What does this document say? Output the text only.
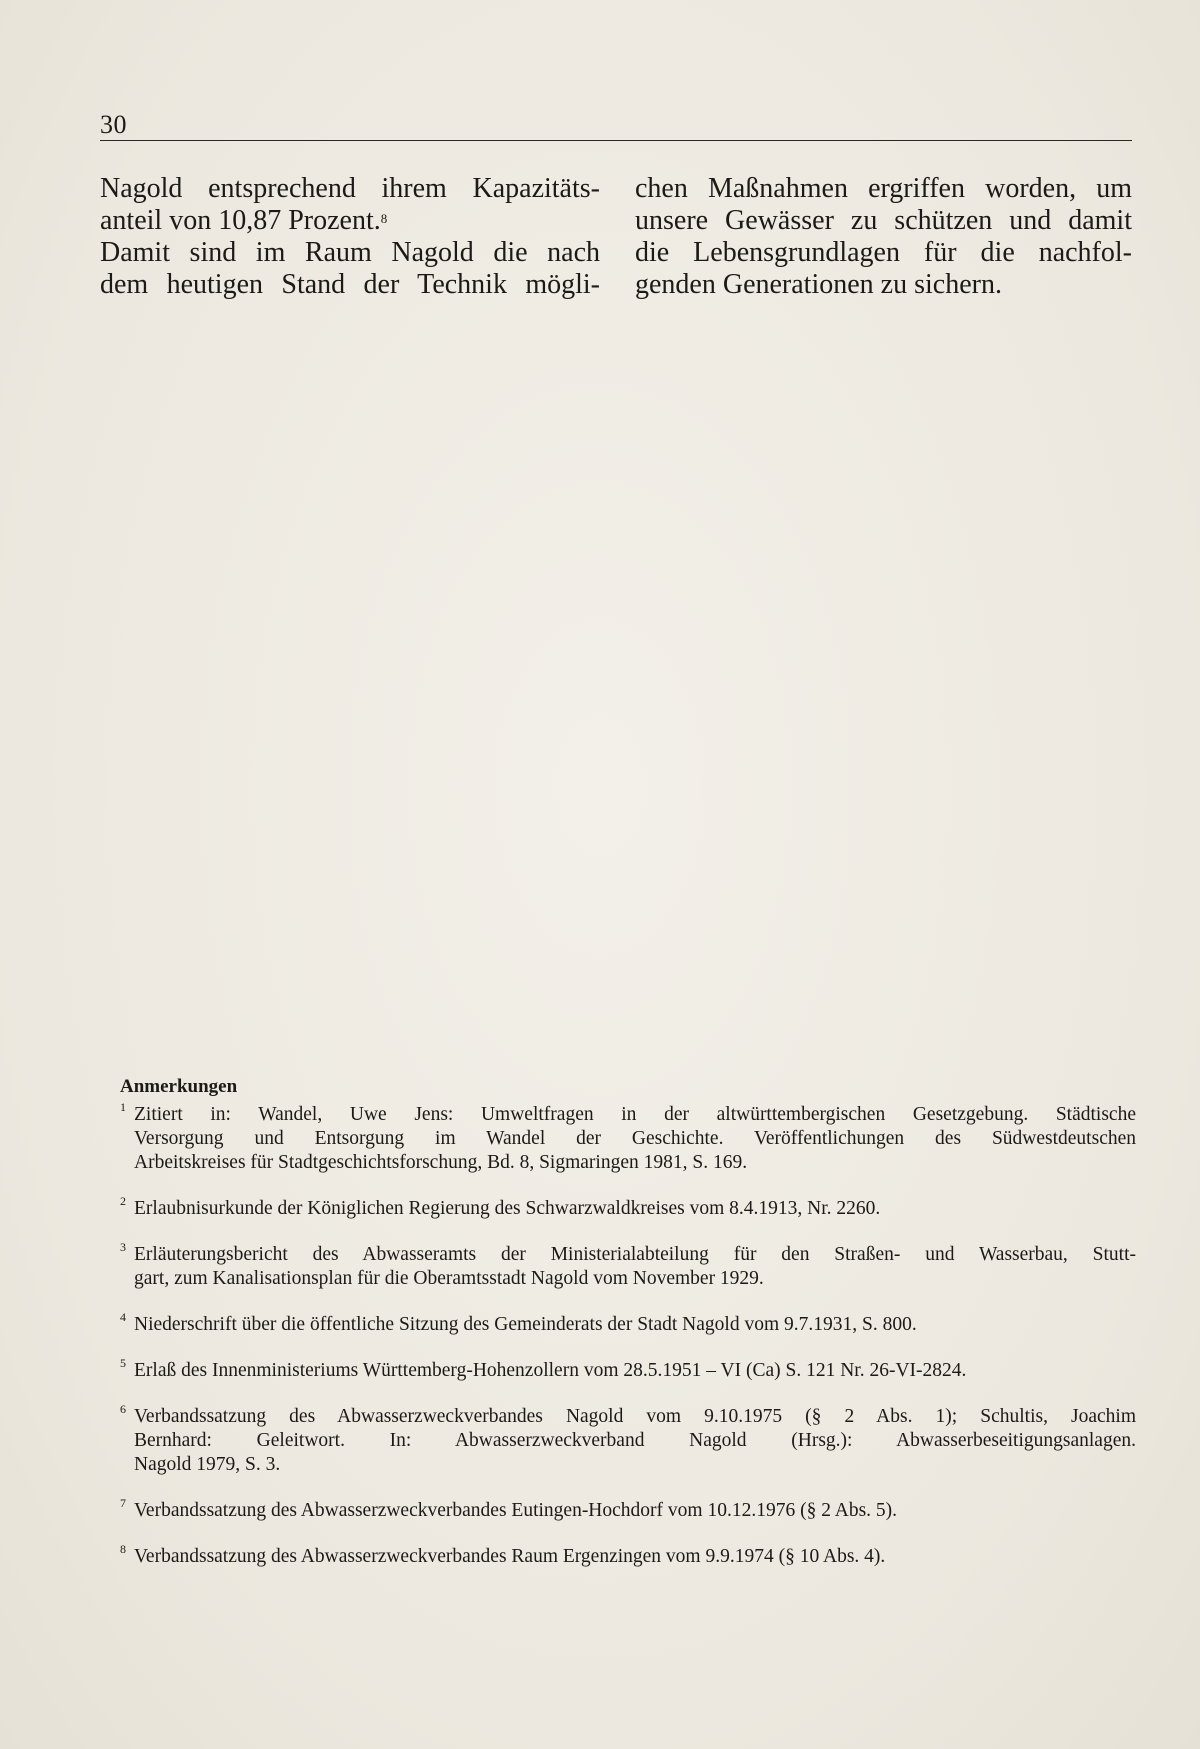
30
Nagold entsprechend ihrem Kapazitäts-
anteil von 10,87 Prozent.$^8$
Damit sind im Raum Nagold die nach
dem heutigen Stand der Technik mögli-
chen Maßnahmen ergriffen worden, um
unsere Gewässer zu schützen und damit
die Lebensgrundlagen für die nachfol-
genden Generationen zu sichern.
Anmerkungen
1 Zitiert in: Wandel, Uwe Jens: Umweltfragen in der altwürttembergischen Gesetzgebung. Städtische
Versorgung und Entsorgung im Wandel der Geschichte. Veröffentlichungen des Südwestdeutschen
Arbeitskreises für Stadtgeschichtsforschung, Bd. 8, Sigmaringen 1981, S. 169.
2 Erlaubnisurkunde der Königlichen Regierung des Schwarzwaldkreises vom 8.4.1913, Nr. 2260.
3 Erläuterungsbericht des Abwasseramts der Ministerialabteilung für den Straßen- und Wasserbau, Stutt-
gart, zum Kanalisationsplan für die Oberamtsstadt Nagold vom November 1929.
4 Niederschrift über die öffentliche Sitzung des Gemeinderats der Stadt Nagold vom 9.7.1931, S. 800.
5 Erlaß des Innenministeriums Württemberg-Hohenzollern vom 28.5.1951 – VI (Ca) S. 121 Nr. 26-VI-2824.
6 Verbandssatzung des Abwasserzweckverbandes Nagold vom 9.10.1975 (§ 2 Abs. 1); Schultis, Joachim
Bernhard: Geleitwort. In: Abwasserzweckverband Nagold (Hrsg.): Abwasserbeseitigungsanlagen.
Nagold 1979, S. 3.
7 Verbandssatzung des Abwasserzweckverbandes Eutingen-Hochdorf vom 10.12.1976 (§ 2 Abs. 5).
8 Verbandssatzung des Abwasserzweckverbandes Raum Ergenzingen vom 9.9.1974 (§ 10 Abs. 4).
